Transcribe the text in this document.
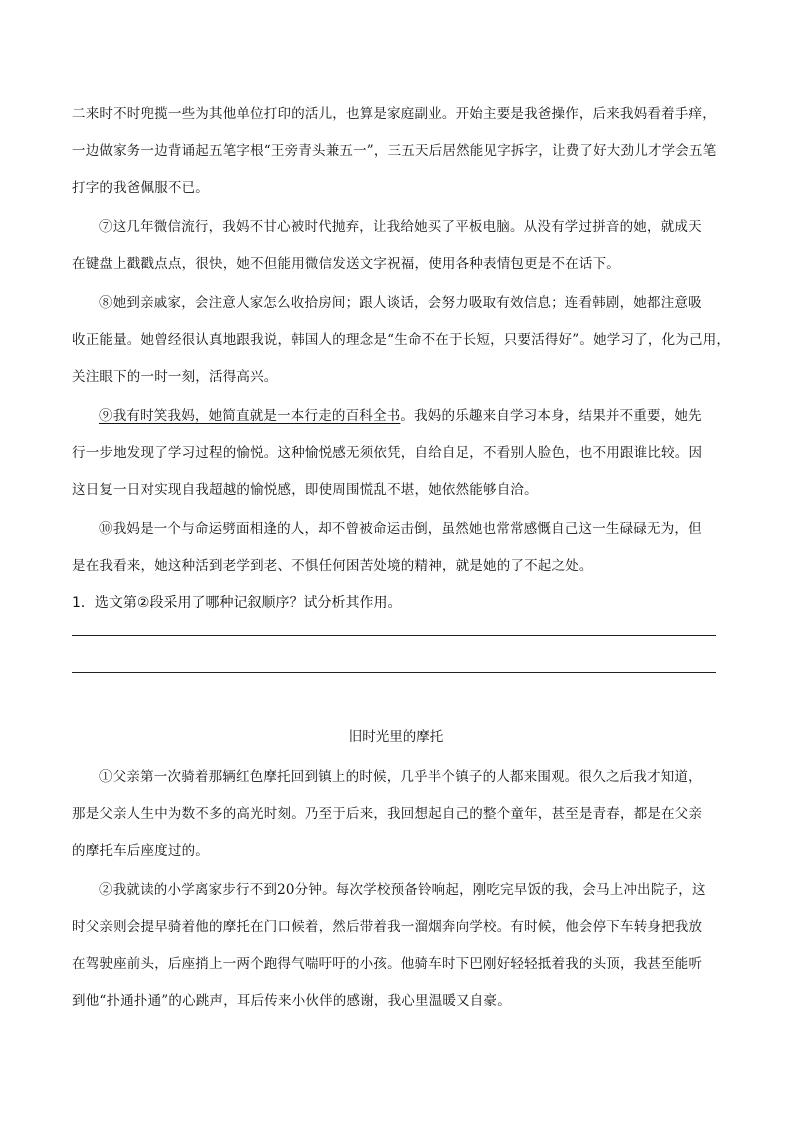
二来时不时兜揽一些为其他单位打印的活儿，也算是家庭副业。开始主要是我爸操作，后来我妈看着手痒，
一边做家务一边背诵起五笔字根“王旁青头兼五一”，三五天后居然能见字拆字，让费了好大劲儿才学会五笔
打字的我爸佩服不已。
⑦这几年微信流行，我妈不甘心被时代抛弃，让我给她买了平板电脑。从没有学过拼音的她，就成天
在键盘上戳戳点点，很快，她不但能用微信发送文字祝福，使用各种表情包更是不在话下。
⑧她到亲戚家，会注意人家怎么收拾房间；跟人谈话，会努力吸取有效信息；连看韩剧，她都注意吸
收正能量。她曾经很认真地跟我说，韩国人的理念是“生命不在于长短，只要活得好”。她学习了，化为己用，
关注眼下的一时一刻，活得高兴。
⑨我有时笑我妈，她简直就是一本行走的百科全书。我妈的乐趣来自学习本身，结果并不重要，她先
行一步地发现了学习过程的愉悦。这种愉悦感无须依凭，自给自足，不看别人脸色，也不用跟谁比较。因
这日复一日对实现自我超越的愉悦感，即使周围慌乱不堪，她依然能够自洽。
⑩我妈是一个与命运劈面相逢的人，却不曾被命运击倒，虽然她也常常感慨自己这一生碌碌无为，但
是在我看来，她这种活到老学到老、不惧任何困苦处境的精神，就是她的了不起之处。
1．选文第②段采用了哪种记叙顺序？试分析其作用。
旧时光里的摩托
①父亲第一次骑着那辆红色摩托回到镇上的时候，几乎半个镇子的人都来围观。很久之后我才知道，
那是父亲人生中为数不多的高光时刻。乃至于后来，我回想起自己的整个童年，甚至是青春，都是在父亲
的摩托车后座度过的。
②我就读的小学离家步行不到20分钟。每次学校预备铃响起，刚吃完早饭的我，会马上冲出院子，这
时父亲则会提早骑着他的摩托在门口候着，然后带着我一溜烟奔向学校。有时候，他会停下车转身把我放
在驾驶座前头，后座捎上一两个跑得气喘吁吁的小孩。他骑车时下巴刚好轻轻抵着我的头顶，我甚至能听
到他“扑通扑通”的心跳声，耳后传来小伙伴的感谢，我心里温暖又自豪。
